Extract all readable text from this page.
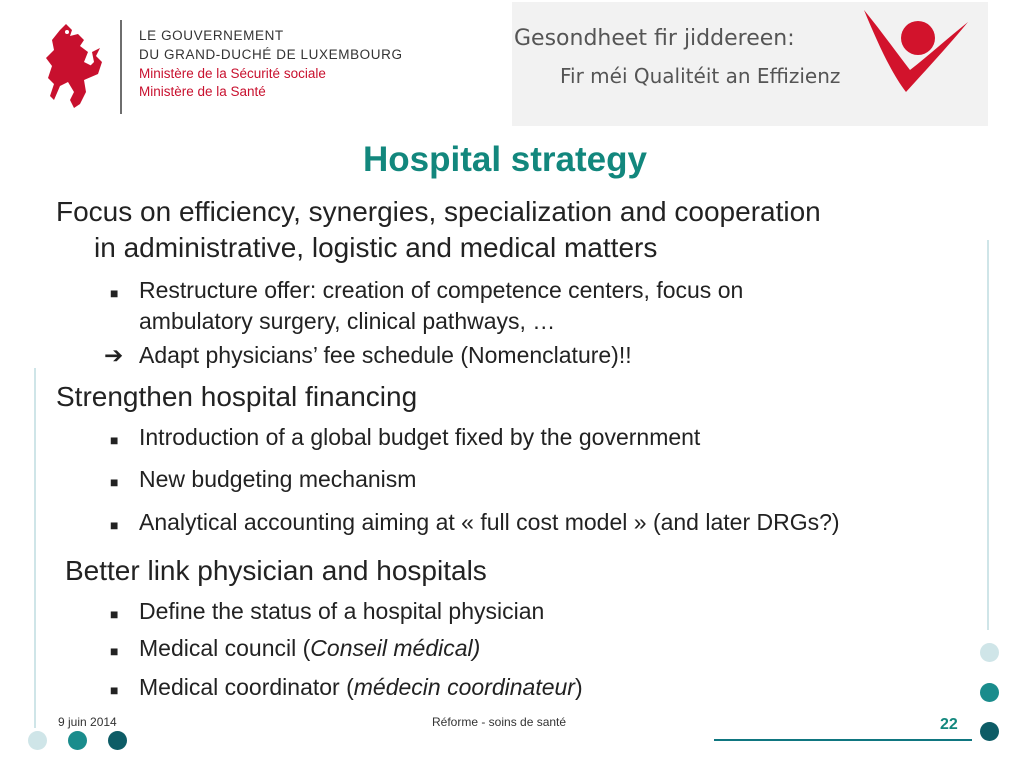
LE GOUVERNEMENT
DU GRAND-DUCHÉ DE LUXEMBOURG
Ministère de la Sécurité sociale
Ministère de la Santé
Gesondheet fir jiddereen:
Fir méi Qualitéit an Effizienz
Hospital strategy
Focus on efficiency, synergies, specialization and cooperation
in administrative, logistic and medical matters
■ Restructure offer: creation of competence centers, focus on
ambulatory surgery, clinical pathways, …
➔ Adapt physicians’ fee schedule (Nomenclature)!!
Strengthen hospital financing
■ Introduction of a global budget fixed by the government
■ New budgeting mechanism
■ Analytical accounting aiming at « full cost model » (and later DRGs?)
Better link physician and hospitals
■ Define the status of a hospital physician
■ Medical council (Conseil médical)
■ Medical coordinator (médecin coordinateur)
9 juin 2014	Réforme - soins de santé	22
